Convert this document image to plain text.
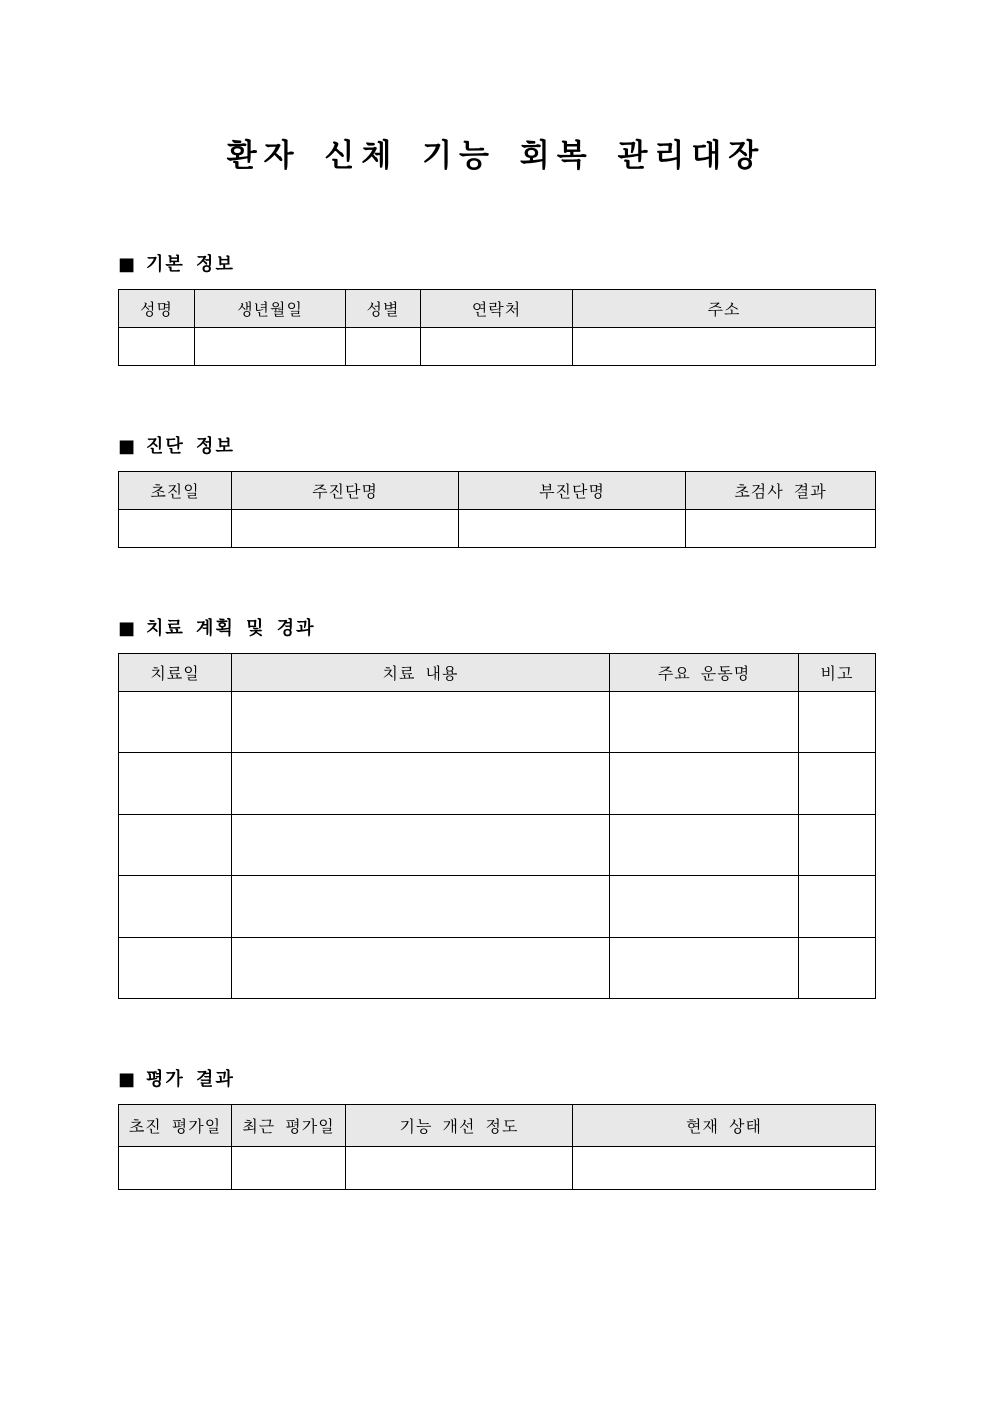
환자 신체 기능 회복 관리대장
■ 기본 정보
성명	생년월일	성별	연락처	주소

■ 진단 정보
초진일	주진단명	부진단명	초검사 결과

■ 치료 계획 및 경과
치료일	치료 내용	주요 운동명	비고

■ 평가 결과
초진 평가일	최근 평가일	기능 개선 정도	현재 상태
